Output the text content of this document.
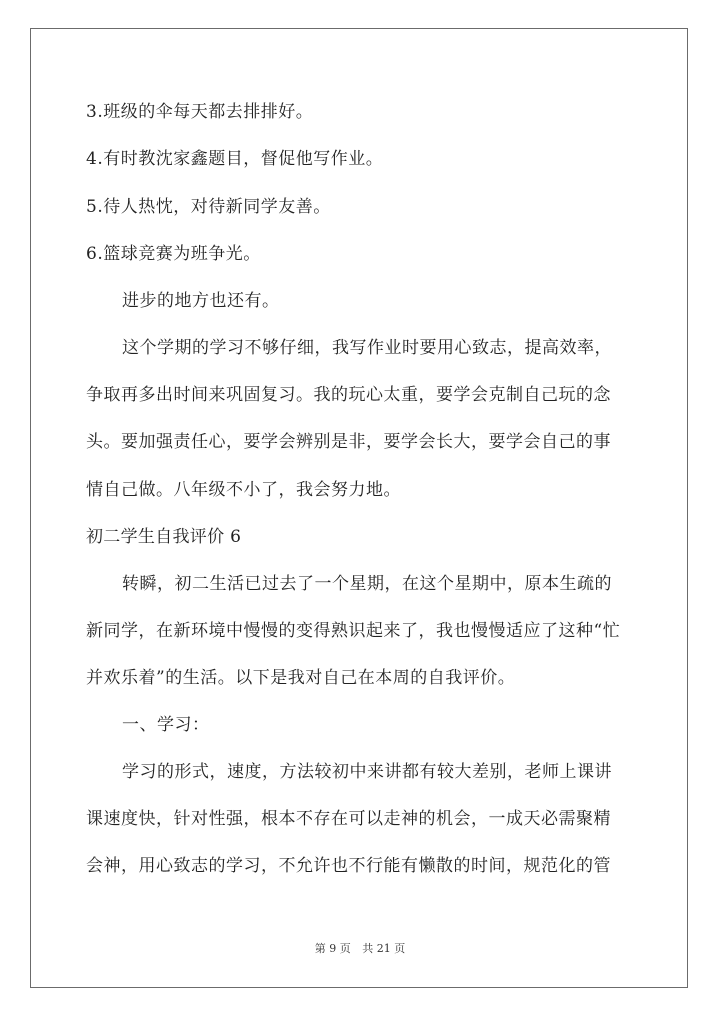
3.班级的伞每天都去排排好。

4.有时教沈家鑫题目，督促他写作业。

5.待人热忱，对待新同学友善。

6.篮球竞赛为班争光。

进步的地方也还有。

这个学期的学习不够仔细，我写作业时要用心致志，提高效率，

争取再多出时间来巩固复习。我的玩心太重，要学会克制自己玩的念

头。要加强责任心，要学会辨别是非，要学会长大，要学会自己的事

情自己做。八年级不小了，我会努力地。

初二学生自我评价 6

转瞬，初二生活已过去了一个星期，在这个星期中，原本生疏的

新同学，在新环境中慢慢的变得熟识起来了，我也慢慢适应了这种“忙

并欢乐着”的生活。以下是我对自己在本周的自我评价。

一、学习：

学习的形式，速度，方法较初中来讲都有较大差别，老师上课讲

课速度快，针对性强，根本不存在可以走神的机会，一成天必需聚精

会神，用心致志的学习，不允许也不行能有懒散的时间，规范化的管

第 9 页 共 21 页
